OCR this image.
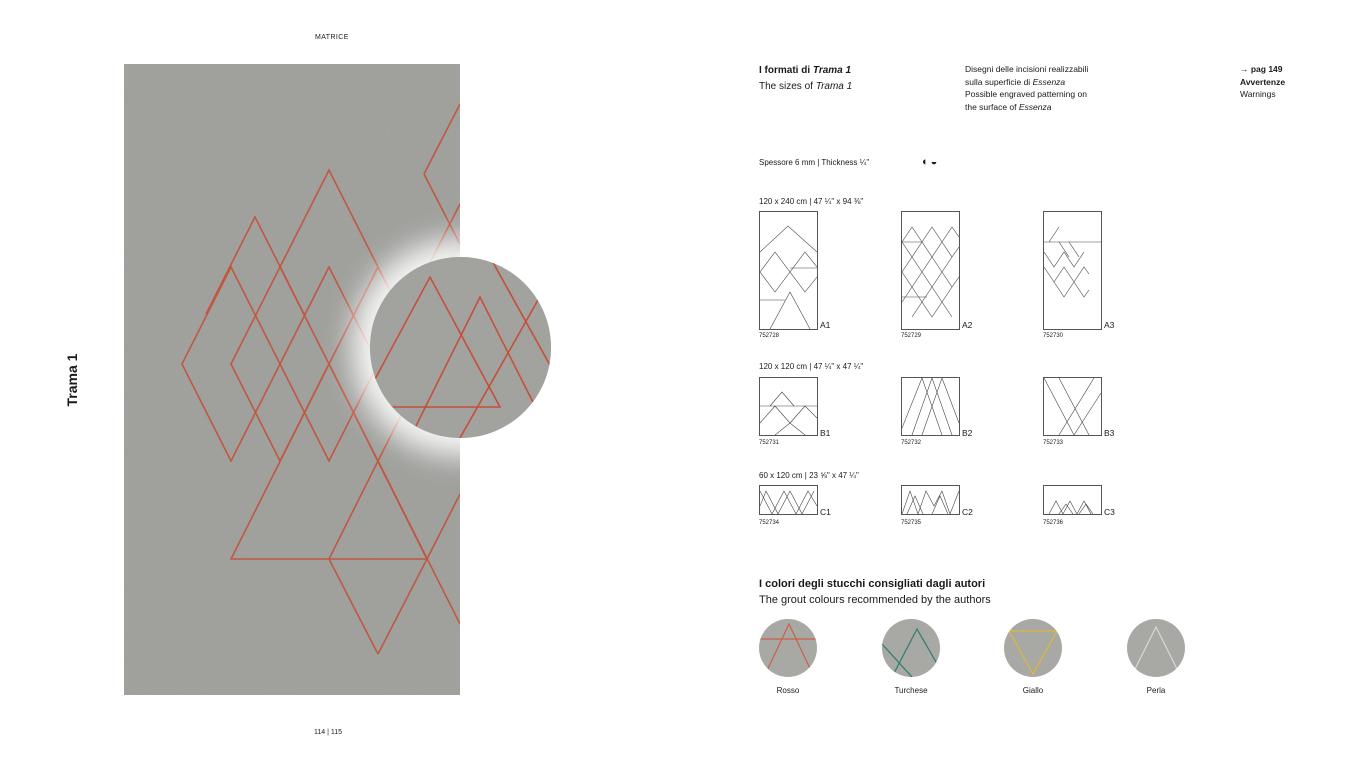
MATRICE
114 | 115
Trama 1
I formati di Trama 1
The sizes of Trama 1
Disegni delle incisioni realizzabili
sulla superficie di Essenza
Possible engraved patterning on
the surface of Essenza
→ pag 149
Avvertenze
Warnings
Spessore 6 mm | Thickness ¼"	◐◒
120 x 240 cm | 47 ¼" x 94 ⅜"
120 x 120 cm | 47 ¼" x 47 ¼"
60 x 120 cm | 23 ⅝" x 47 ¼"
752728
A1
752729
A2
752730
A3
752731
B1
752732
B2
752733
B3
752734
C1
752735
C2
752736
C3
I colori degli stucchi consigliati dagli autori
The grout colours recommended by the authors
Rosso	Turchese	Giallo	Perla
